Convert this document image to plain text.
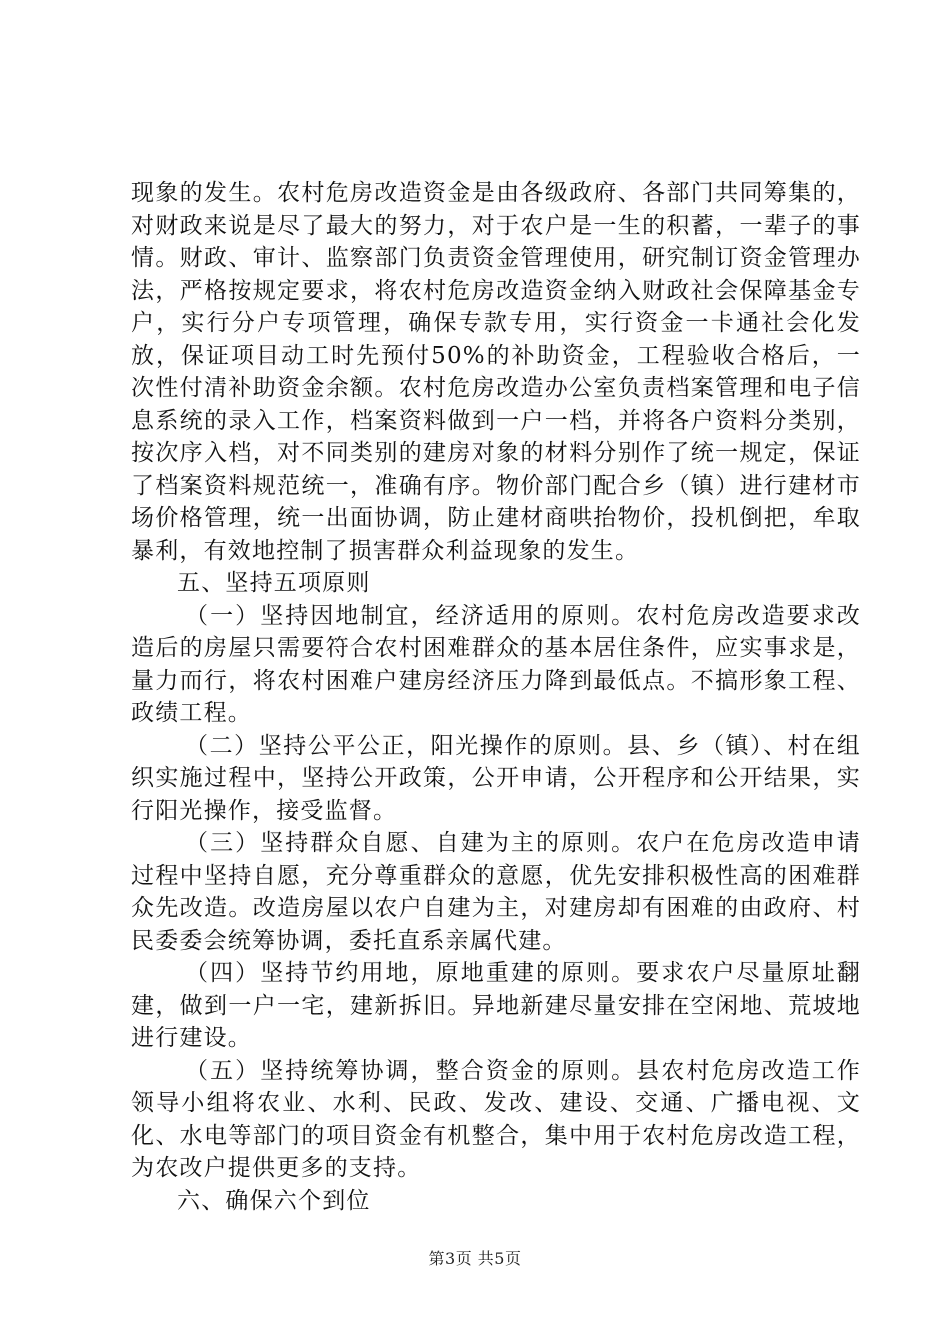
现象的发生。农村危房改造资金是由各级政府、各部门共同筹集的，对财政来说是尽了最大的努力，对于农户是一生的积蓄，一辈子的事情。财政、审计、监察部门负责资金管理使用，研究制订资金管理办法，严格按规定要求，将农村危房改造资金纳入财政社会保障基金专户，实行分户专项管理，确保专款专用，实行资金一卡通社会化发放，保证项目动工时先预付50%的补助资金，工程验收合格后，一次性付清补助资金余额。农村危房改造办公室负责档案管理和电子信息系统的录入工作，档案资料做到一户一档，并将各户资料分类别，按次序入档，对不同类别的建房对象的材料分别作了统一规定，保证了档案资料规范统一，准确有序。物价部门配合乡（镇）进行建材市场价格管理，统一出面协调，防止建材商哄抬物价，投机倒把，牟取暴利，有效地控制了损害群众利益现象的发生。

五、坚持五项原则

（一）坚持因地制宜，经济适用的原则。农村危房改造要求改造后的房屋只需要符合农村困难群众的基本居住条件，应实事求是，量力而行，将农村困难户建房经济压力降到最低点。不搞形象工程、政绩工程。

（二）坚持公平公正，阳光操作的原则。县、乡（镇）、村在组织实施过程中，坚持公开政策，公开申请，公开程序和公开结果，实行阳光操作，接受监督。

（三）坚持群众自愿、自建为主的原则。农户在危房改造申请过程中坚持自愿，充分尊重群众的意愿，优先安排积极性高的困难群众先改造。改造房屋以农户自建为主，对建房却有困难的由政府、村民委委会统筹协调，委托直系亲属代建。

（四）坚持节约用地，原地重建的原则。要求农户尽量原址翻建，做到一户一宅，建新拆旧。异地新建尽量安排在空闲地、荒坡地进行建设。

（五）坚持统筹协调，整合资金的原则。县农村危房改造工作领导小组将农业、水利、民政、发改、建设、交通、广播电视、文化、水电等部门的项目资金有机整合，集中用于农村危房改造工程，为农改户提供更多的支持。

六、确保六个到位

第3页 共5页
